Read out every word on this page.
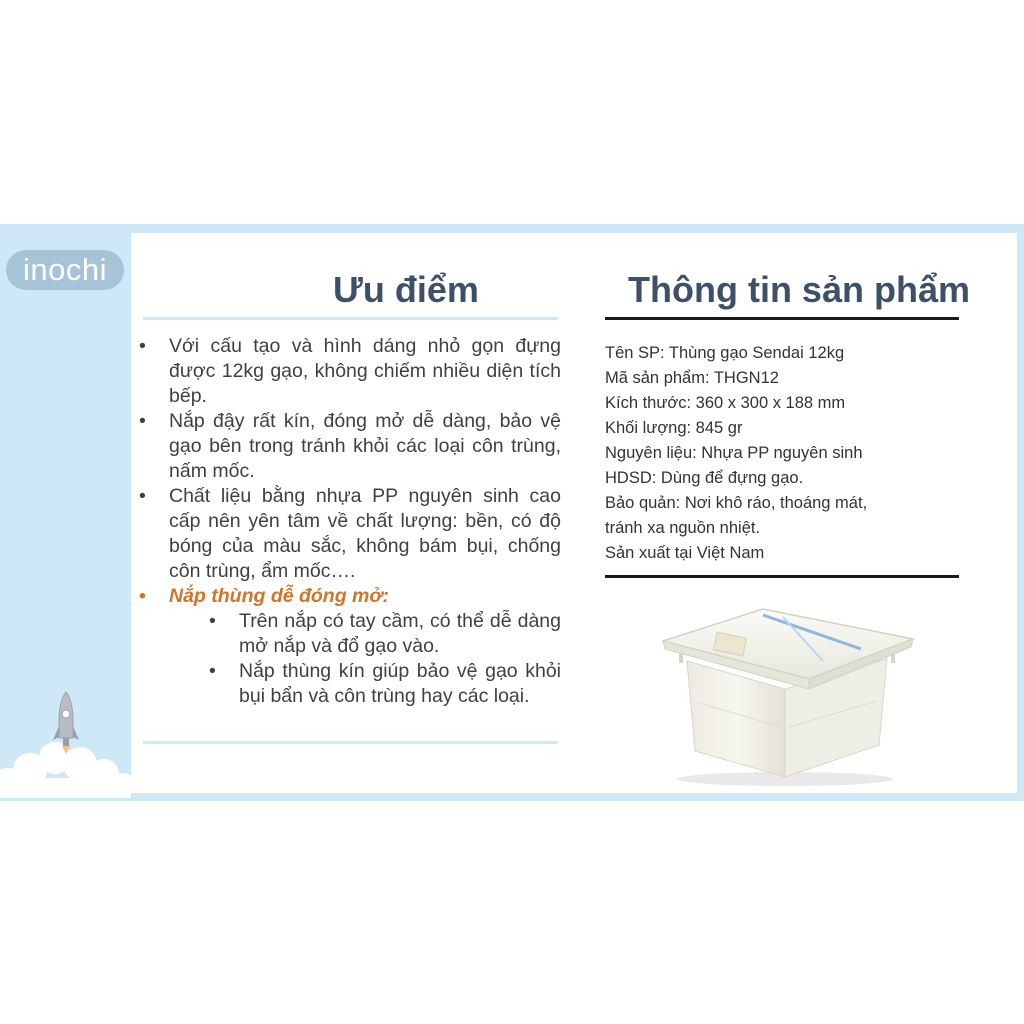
inochi	Ưu điểm	Thông tin sản phẩm
• Với cấu tạo và hình dáng nhỏ gọn đựng được 12kg gạo, không chiếm nhiều diện tích bếp.
• Nắp đậy rất kín, đóng mở dễ dàng, bảo vệ gạo bên trong tránh khỏi các loại côn trùng, nấm mốc.
• Chất liệu bằng nhựa PP nguyên sinh cao cấp nên yên tâm về chất lượng: bền, có độ bóng của màu sắc, không bám bụi, chống côn trùng, ẩm mốc….
• Nắp thùng dễ đóng mở:
• Trên nắp có tay cầm, có thể dễ dàng mở nắp và đổ gạo vào.
• Nắp thùng kín giúp bảo vệ gạo khỏi bụi bẩn và côn trùng hay các loại.
Tên SP: Thùng gạo Sendai 12kg
Mã sản phẩm: THGN12
Kích thước: 360 x 300 x 188 mm
Khối lượng: 845 gr
Nguyên liệu: Nhựa PP nguyên sinh
HDSD: Dùng để đựng gạo.
Bảo quản: Nơi khô ráo, thoáng mát,
tránh xa nguồn nhiệt.
Sản xuất tại Việt Nam
